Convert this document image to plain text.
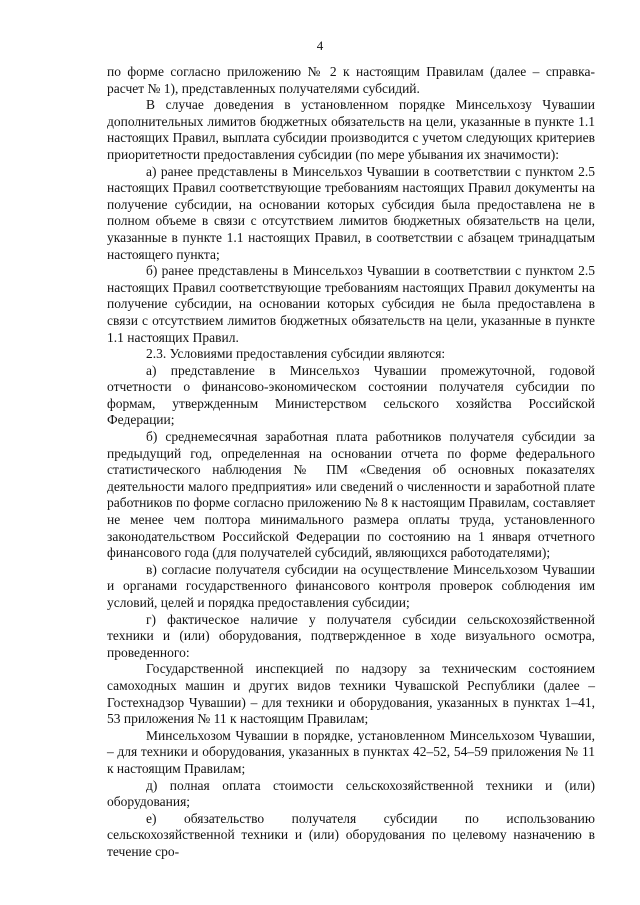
4

по форме согласно приложению № 2 к настоящим Правилам (далее – справка-расчет № 1), представленных получателями субсидий.

В случае доведения в установленном порядке Минсельхозу Чувашии дополнительных лимитов бюджетных обязательств на цели, указанные в пункте 1.1 настоящих Правил, выплата субсидии производится с учетом следующих критериев приоритетности предоставления субсидии (по мере убывания их значимости):

а) ранее представлены в Минсельхоз Чувашии в соответствии с пунктом 2.5 настоящих Правил соответствующие требованиям настоящих Правил документы на получение субсидии, на основании которых субсидия была предоставлена не в полном объеме в связи с отсутствием лимитов бюджетных обязательств на цели, указанные в пункте 1.1 настоящих Правил, в соответствии с абзацем тринадцатым настоящего пункта;

б) ранее представлены в Минсельхоз Чувашии в соответствии с пунктом 2.5 настоящих Правил соответствующие требованиям настоящих Правил документы на получение субсидии, на основании которых субсидия не была предоставлена в связи с отсутствием лимитов бюджетных обязательств на цели, указанные в пункте 1.1 настоящих Правил.

2.3. Условиями предоставления субсидии являются:

а) представление в Минсельхоз Чувашии промежуточной, годовой отчетности о финансово-экономическом состоянии получателя субсидии по формам, утвержденным Министерством сельского хозяйства Российской Федерации;

б) среднемесячная заработная плата работников получателя субсидии за предыдущий год, определенная на основании отчета по форме федерального статистического наблюдения № ПМ «Сведения об основных показателях деятельности малого предприятия» или сведений о численности и заработной плате работников по форме согласно приложению № 8 к настоящим Правилам, составляет не менее чем полтора минимального размера оплаты труда, установленного законодательством Российской Федерации по состоянию на 1 января отчетного финансового года (для получателей субсидий, являющихся работодателями);

в) согласие получателя субсидии на осуществление Минсельхозом Чувашии и органами государственного финансового контроля проверок соблюдения им условий, целей и порядка предоставления субсидии;

г) фактическое наличие у получателя субсидии сельскохозяйственной техники и (или) оборудования, подтвержденное в ходе визуального осмотра, проведенного:

Государственной инспекцией по надзору за техническим состоянием самоходных машин и других видов техники Чувашской Республики (далее – Гостехнадзор Чувашии) – для техники и оборудования, указанных в пунктах 1–41, 53 приложения № 11 к настоящим Правилам;

Минсельхозом Чувашии в порядке, установленном Минсельхозом Чувашии, – для техники и оборудования, указанных в пунктах 42–52, 54–59 приложения № 11 к настоящим Правилам;

д) полная оплата стоимости сельскохозяйственной техники и (или) оборудования;

е) обязательство получателя субсидии по использованию сельскохозяйственной техники и (или) оборудования по целевому назначению в течение сро-
